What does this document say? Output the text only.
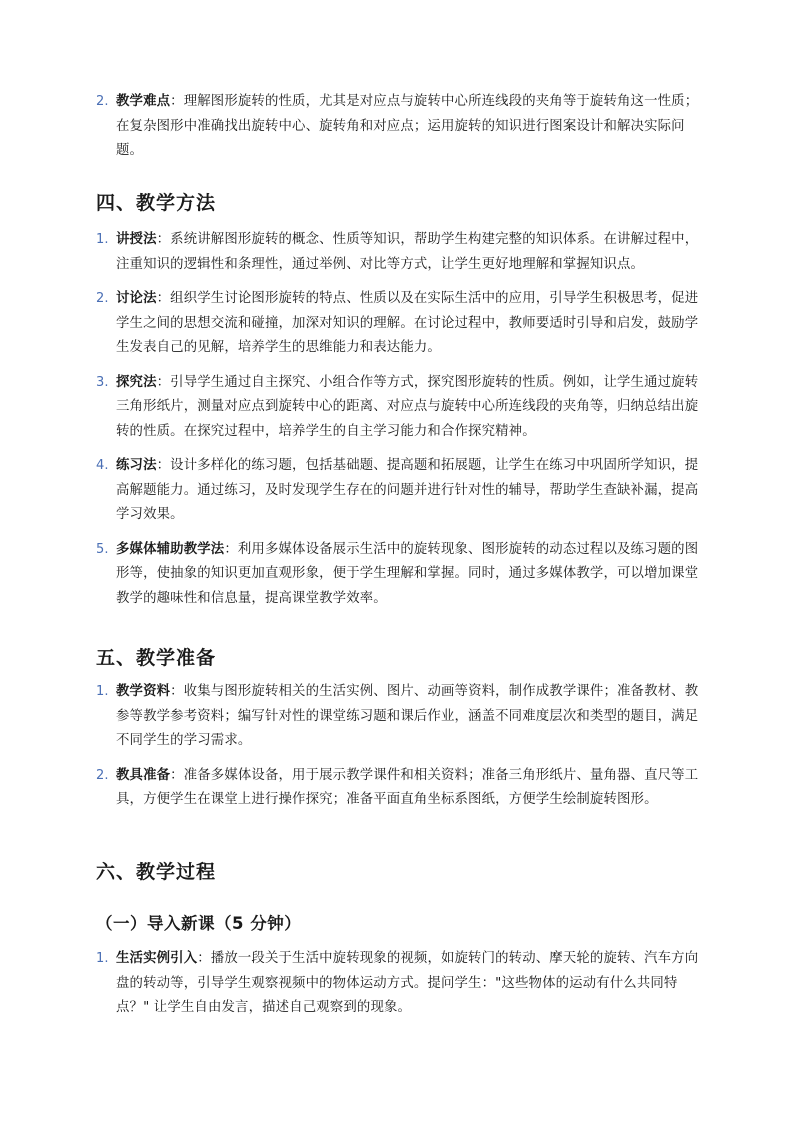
2. 教学难点：理解图形旋转的性质，尤其是对应点与旋转中心所连线段的夹角等于旋转角这一性质；在复杂图形中准确找出旋转中心、旋转角和对应点；运用旋转的知识进行图案设计和解决实际问题。
四、教学方法
1. 讲授法：系统讲解图形旋转的概念、性质等知识，帮助学生构建完整的知识体系。在讲解过程中，注重知识的逻辑性和条理性，通过举例、对比等方式，让学生更好地理解和掌握知识点。
2. 讨论法：组织学生讨论图形旋转的特点、性质以及在实际生活中的应用，引导学生积极思考，促进学生之间的思想交流和碰撞，加深对知识的理解。在讨论过程中，教师要适时引导和启发，鼓励学生发表自己的见解，培养学生的思维能力和表达能力。
3. 探究法：引导学生通过自主探究、小组合作等方式，探究图形旋转的性质。例如，让学生通过旋转三角形纸片，测量对应点到旋转中心的距离、对应点与旋转中心所连线段的夹角等，归纳总结出旋转的性质。在探究过程中，培养学生的自主学习能力和合作探究精神。
4. 练习法：设计多样化的练习题，包括基础题、提高题和拓展题，让学生在练习中巩固所学知识，提高解题能力。通过练习，及时发现学生存在的问题并进行针对性的辅导，帮助学生查缺补漏，提高学习效果。
5. 多媒体辅助教学法：利用多媒体设备展示生活中的旋转现象、图形旋转的动态过程以及练习题的图形等，使抽象的知识更加直观形象，便于学生理解和掌握。同时，通过多媒体教学，可以增加课堂教学的趣味性和信息量，提高课堂教学效率。
五、教学准备
1. 教学资料：收集与图形旋转相关的生活实例、图片、动画等资料，制作成教学课件；准备教材、教参等教学参考资料；编写针对性的课堂练习题和课后作业，涵盖不同难度层次和类型的题目，满足不同学生的学习需求。
2. 教具准备：准备多媒体设备，用于展示教学课件和相关资料；准备三角形纸片、量角器、直尺等工具，方便学生在课堂上进行操作探究；准备平面直角坐标系图纸，方便学生绘制旋转图形。
六、教学过程
（一）导入新课（5 分钟）
1. 生活实例引入：播放一段关于生活中旋转现象的视频，如旋转门的转动、摩天轮的旋转、汽车方向盘的转动等，引导学生观察视频中的物体运动方式。提问学生："这些物体的运动有什么共同特点？" 让学生自由发言，描述自己观察到的现象。
